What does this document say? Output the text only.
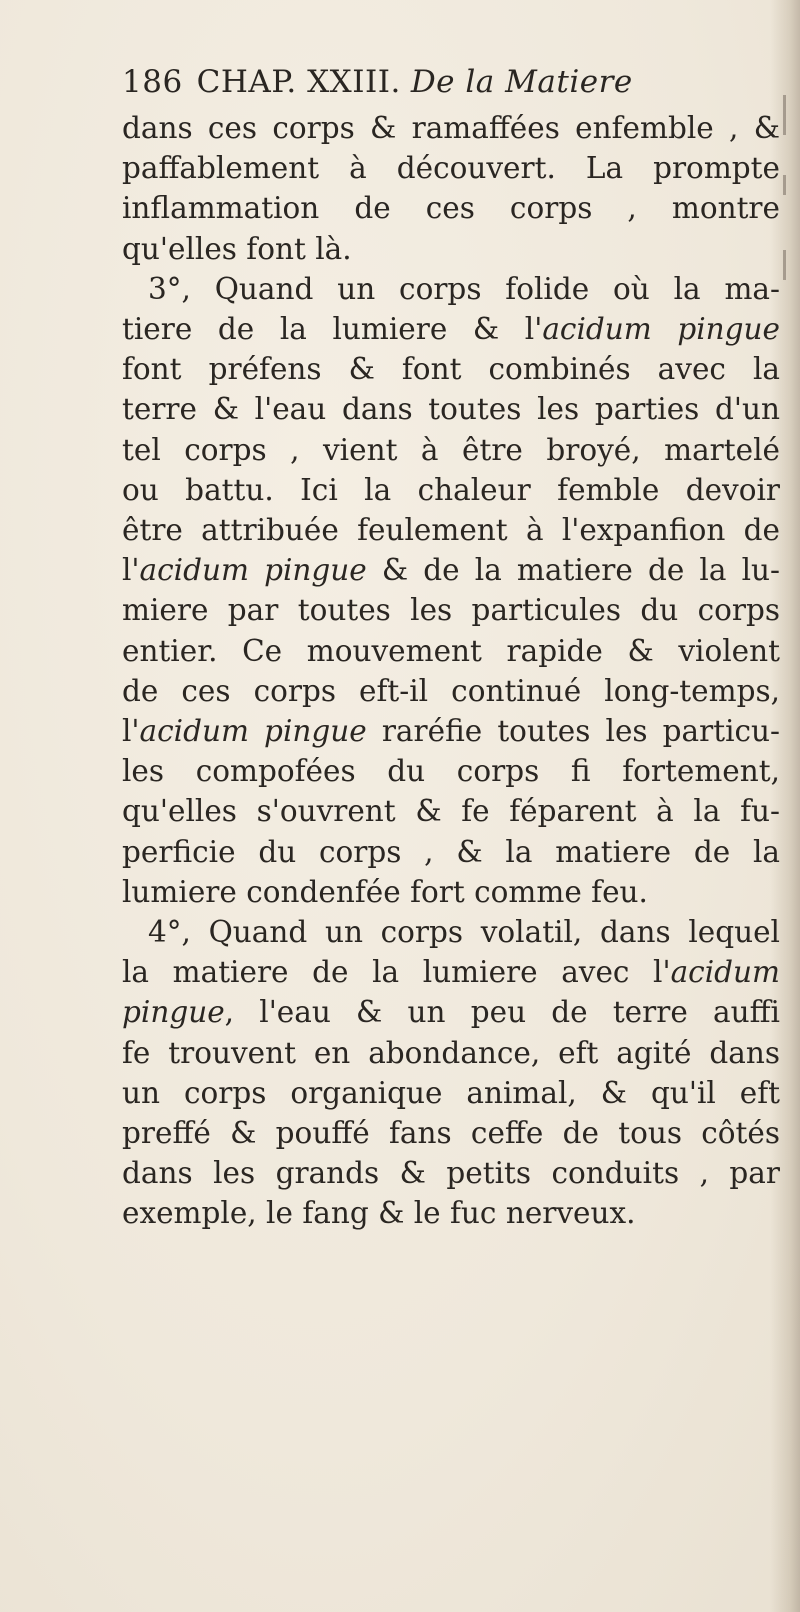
186 CHAP. XXIII. De la Matiere
dans ces corps & ramaffées enfemble , &
paffablement à découvert. La prompte
inflammation de ces corps , montre
qu'elles font là.
3°, Quand un corps folide où la ma-
tiere de la lumiere & l'acidum pingue
font préfens & font combinés avec la
terre & l'eau dans toutes les parties d'un
tel corps , vient à être broyé, martelé
ou battu. Ici la chaleur femble devoir
être attribuée feulement à l'expanfion de
l'acidum pingue & de la matiere de la lu-
miere par toutes les particules du corps
entier. Ce mouvement rapide & violent
de ces corps eft-il continué long-temps,
l'acidum pingue raréfie toutes les particu-
les compofées du corps fi fortement,
qu'elles s'ouvrent & fe féparent à la fu-
perficie du corps , & la matiere de la
lumiere condenfée fort comme feu.
4°, Quand un corps volatil, dans lequel
la matiere de la lumiere avec l'acidum
pingue, l'eau & un peu de terre auffi
fe trouvent en abondance, eft agité dans
un corps organique animal, & qu'il eft
preffé & pouffé fans ceffe de tous côtés
dans les grands & petits conduits , par
exemple, le fang & le fuc nerveux.
